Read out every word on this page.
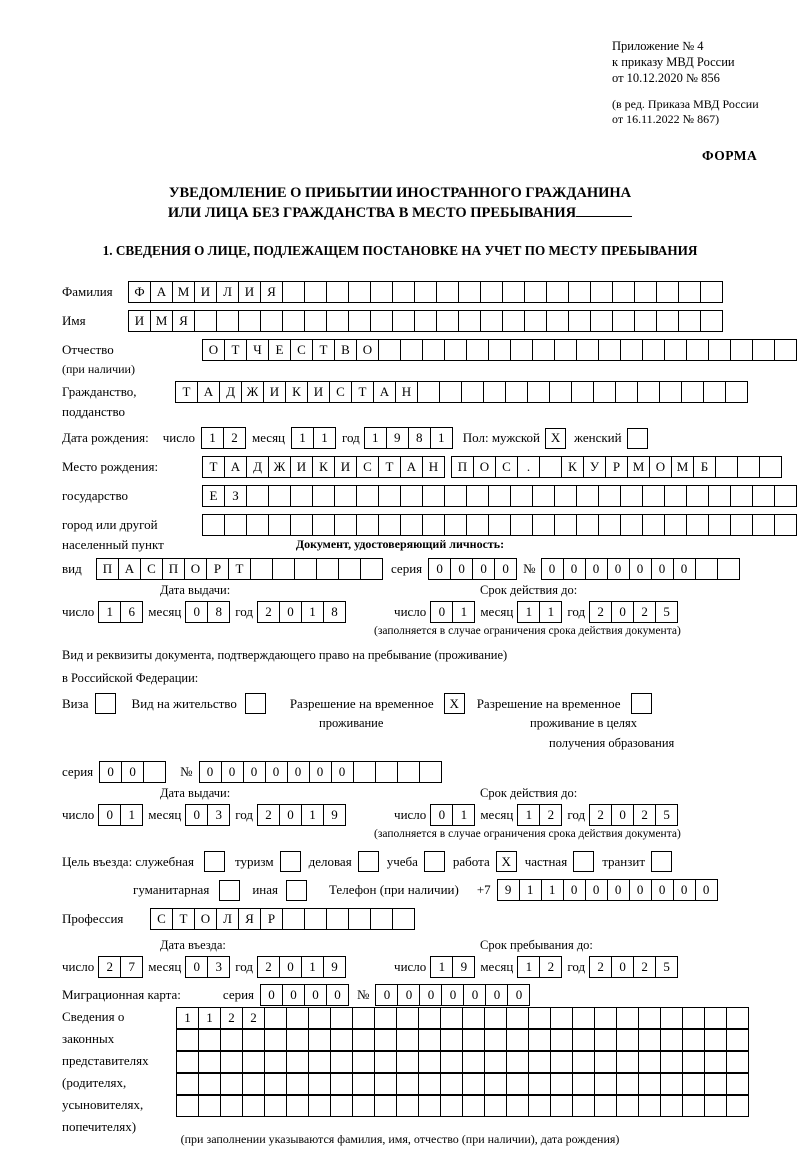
Приложение № 4
к приказу МВД России
от 10.12.2020 № 856
(в ред. Приказа МВД России
от 16.11.2022 № 867)
ФОРМА
УВЕДОМЛЕНИЕ О ПРИБЫТИИ ИНОСТРАННОГО ГРАЖДАНИНА
ИЛИ ЛИЦА БЕЗ ГРАЖДАНСТВА В МЕСТО ПРЕБЫВАНИЯ
1. СВЕДЕНИЯ О ЛИЦЕ, ПОДЛЕЖАЩЕМ ПОСТАНОВКЕ НА УЧЕТ ПО МЕСТУ ПРЕБЫВАНИЯ
Фамилия	Ф А М И Л И Я
Имя	И М Я
Отчество	О	Т	Ч	Е	С	Т	В О
(при наличии)
Гражданство,	Т	А Д Ж И К И С	Т	А Н
подданство
Дата рождения: число	1	2	месяц	1	1	год 1	9	8	1	Пол: мужской X	женский
Место рождения:	Т	А Д Ж И К И С	Т	А Н	П О С	.	К	У	Р М О М Б
государство	Е	З
город или другой
населенный пункт	Документ, удостоверяющий личность:
вид	П А С П О	Р	Т	серия	0	0	0	0	№	0	0	0	0	0	0	0
Дата выдачи:	Срок действия до:
число 1	6	месяц 0	8	год 2	0	1	8	число 0	1	месяц 1	1	год 2	0	2	5
(заполняется в случае ограничения срока действия документа)
Вид и реквизиты документа, подтверждающего право на пребывание (проживание)
в Российской Федерации:
Виза	Вид на жительство	Разрешение на временное	X	Разрешение на временное
проживание	проживание в целях
получения образования
серия	0	0	№	0	0	0	0	0	0	0
Дата выдачи:	Срок действия до:
число 0	1	месяц 0	3	год 2	0	1	9	число 0	1	месяц 1	2	год 2	0	2	5
(заполняется в случае ограничения срока действия документа)
Цель въезда: служебная	туризм	деловая	учеба	работа X	частная	транзит
гуманитарная	иная	Телефон (при наличии) +7	9	1	1	0	0	0	0	0	0	0
Профессия	С	Т	О Л	Я	Р
Дата въезда:	Срок пребывания до:
число 2	7	месяц 0	3	год 2	0	1	9	число 1	9	месяц 1	2	год 2	0	2	5
Миграционная карта:	серия	0	0	0	0	№	0	0	0	0	0	0	0
Сведения о
законных
представителях
(родителях,
усыновителях,
попечителях)
1	1	2	2
(при заполнении указываются фамилия, имя, отчество (при наличии), дата рождения)
